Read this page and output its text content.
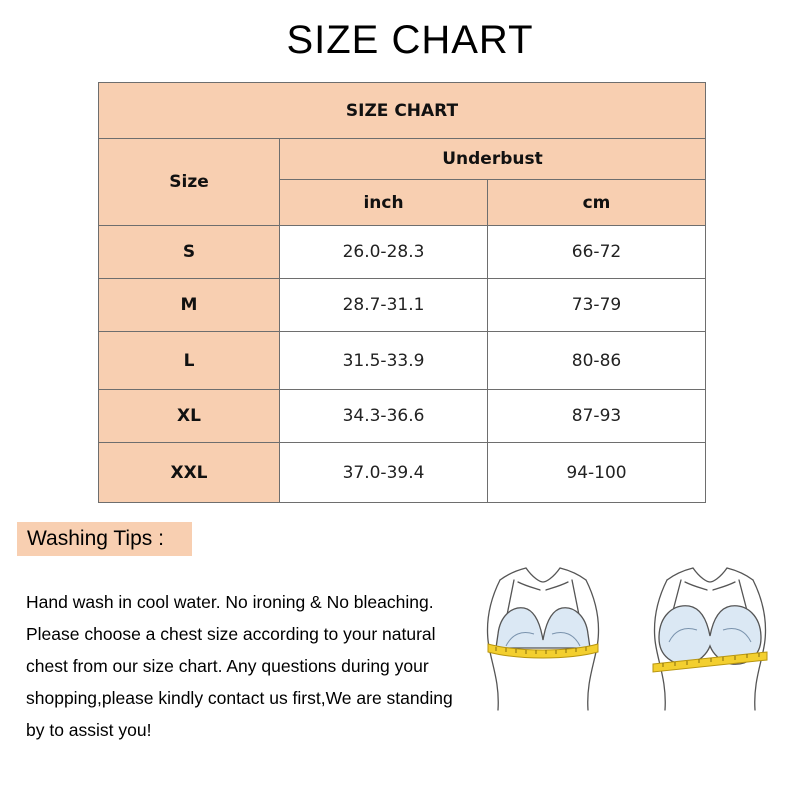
SIZE CHART
SIZE CHART		
Size	Underbust	
	inch	cm
S	26.0-28.3	66-72
M	28.7-31.1	73-79
L	31.5-33.9	80-86
XL	34.3-36.6	87-93
XXL	37.0-39.4	94-100
Washing Tips :

Hand wash in cool water. No ironing & No bleaching.

Please choose a chest size according to your natural

chest from our size chart. Any questions during your

shopping,please kindly contact us first,We are standing

by to assist you!
